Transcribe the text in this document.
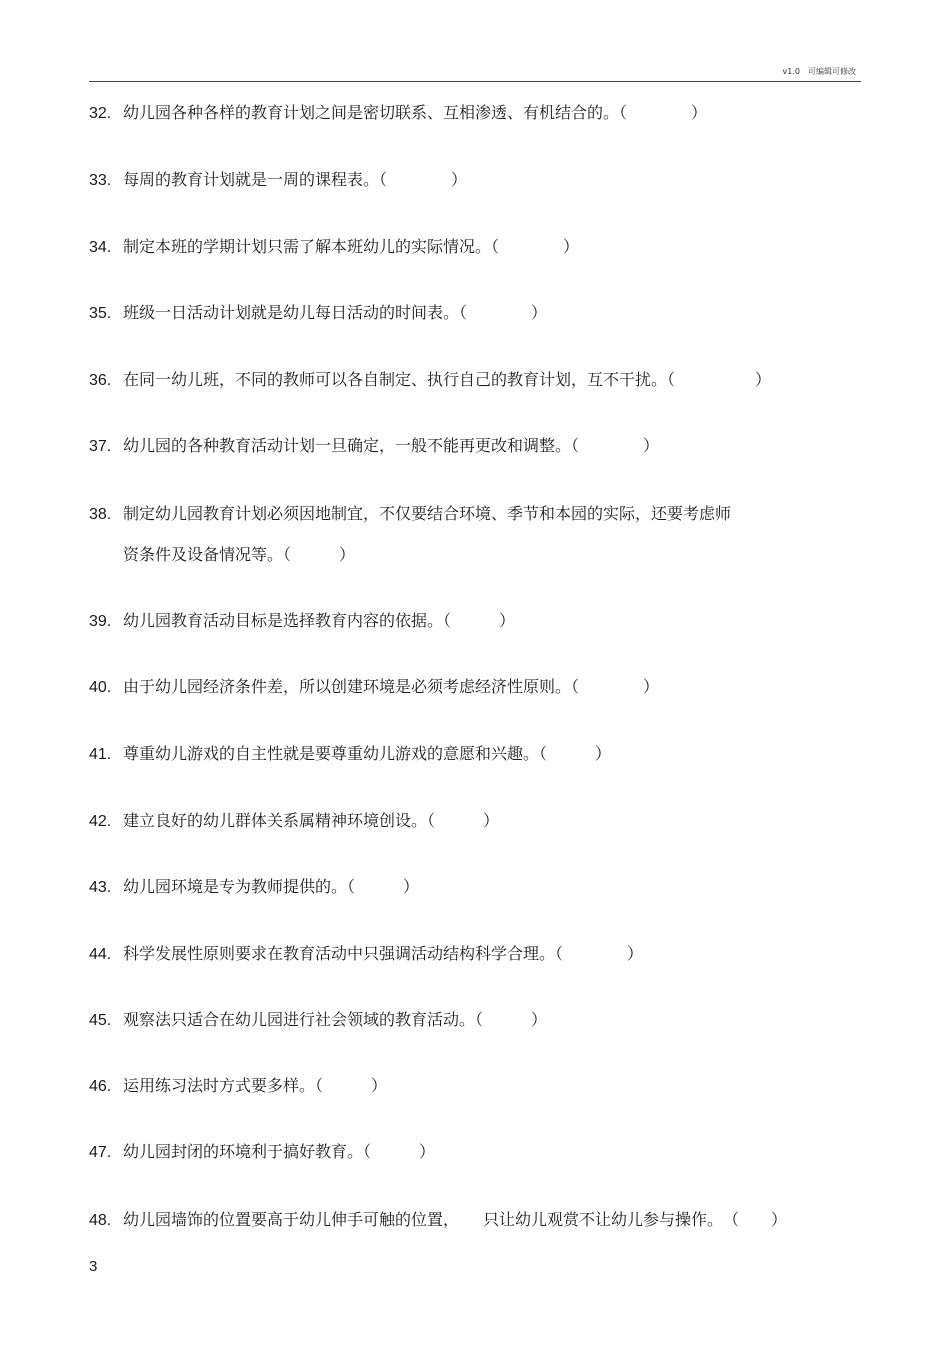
v1.0　可编辑可修改
32. 幼儿园各种各样的教育计划之间是密切联系、互相渗透、有机结合的。（　　　　）
33. 每周的教育计划就是一周的课程表。（　　　　）
34. 制定本班的学期计划只需了解本班幼儿的实际情况。（　　　　）
35. 班级一日活动计划就是幼儿每日活动的时间表。（　　　　）
36. 在同一幼儿班，不同的教师可以各自制定、执行自己的教育计划，互不干扰。（　　　　　）
37. 幼儿园的各种教育活动计划一旦确定，一般不能再更改和调整。（　　　　）
38. 制定幼儿园教育计划必须因地制宜，不仅要结合环境、季节和本园的实际，还要考虑师
资条件及设备情况等。（　　　）
39. 幼儿园教育活动目标是选择教育内容的依据。（　　　）
40. 由于幼儿园经济条件差，所以创建环境是必须考虑经济性原则。（　　　　）
41. 尊重幼儿游戏的自主性就是要尊重幼儿游戏的意愿和兴趣。（　　　）
42. 建立良好的幼儿群体关系属精神环境创设。（　　　）
43. 幼儿园环境是专为教师提供的。（　　　）
44. 科学发展性原则要求在教育活动中只强调活动结构科学合理。（　　　　）
45. 观察法只适合在幼儿园进行社会领域的教育活动。（　　　）
46. 运用练习法时方式要多样。（　　　）
47. 幼儿园封闭的环境利于搞好教育。（　　　）
48. 幼儿园墙饰的位置要高于幼儿伸手可触的位置，　　只让幼儿观赏不让幼儿参与操作。　（　　）
3
